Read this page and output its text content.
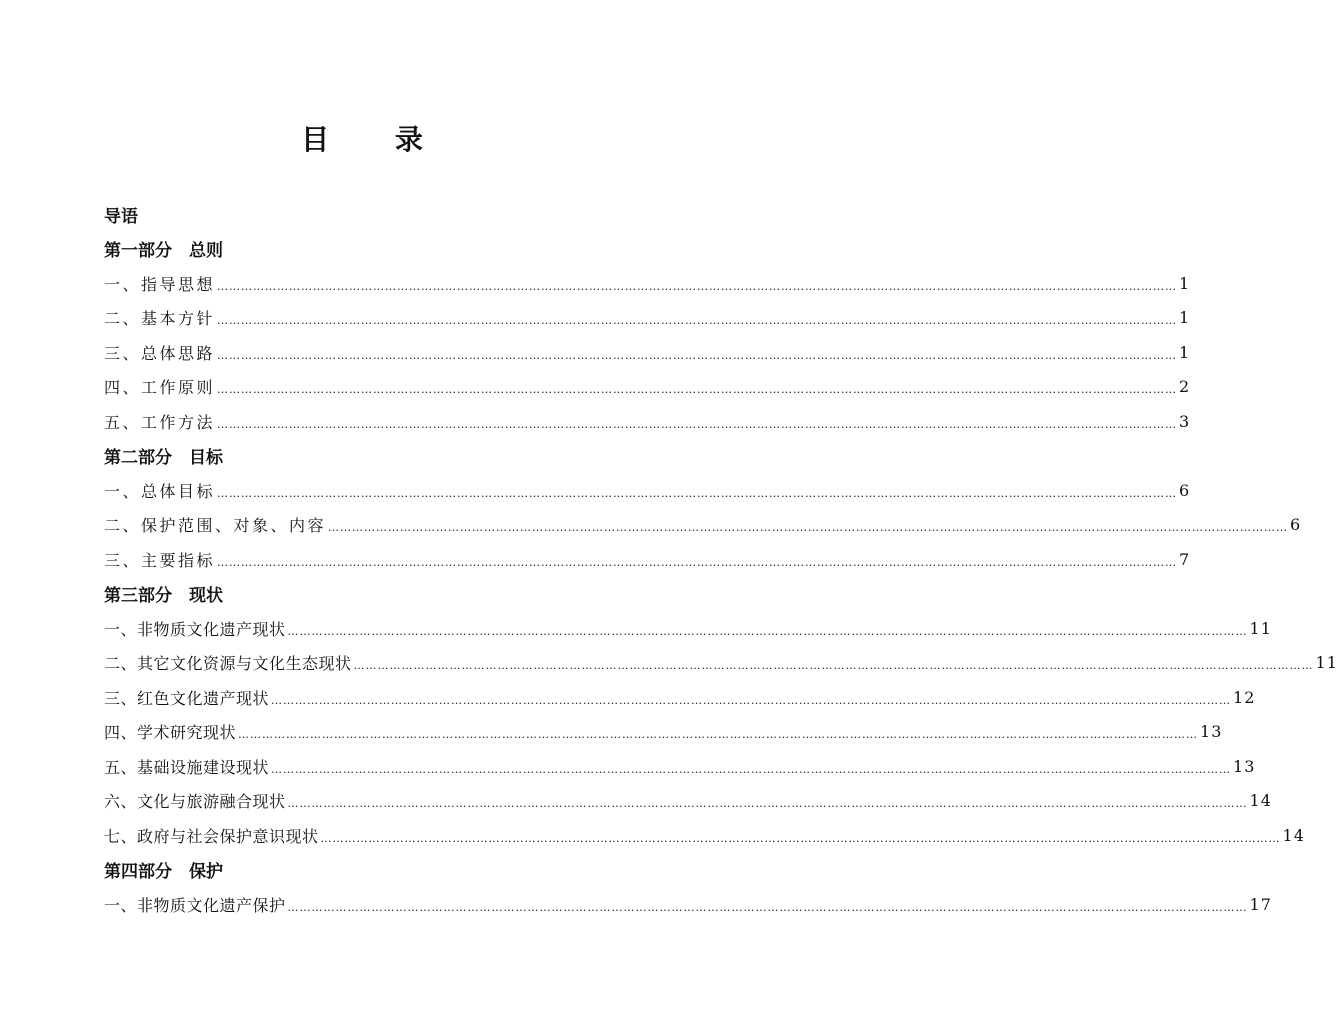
目 录
导语
第一部分　总则
一、指导思想 …………………………………………………………………………………………………………………………………………………………………………………………………………………… 1
二、基本方针 …………………………………………………………………………………………………………………………………………………………………………………………………………………… 1
三、总体思路 …………………………………………………………………………………………………………………………………………………………………………………………………………………… 1
四、工作原则 …………………………………………………………………………………………………………………………………………………………………………………………………………………… 2
五、工作方法 …………………………………………………………………………………………………………………………………………………………………………………………………………………… 3
第二部分　目标
一、总体目标 …………………………………………………………………………………………………………………………………………………………………………………………………………………… 6
二、保护范围、对象、内容 …………………………………………………………………………………………………………………………………………………………………………………………………………………… 6
三、主要指标 …………………………………………………………………………………………………………………………………………………………………………………………………………………… 7
第三部分　现状
一、非物质文化遗产现状 …………………………………………………………………………………………………………………………………………………………………………………………………………………… 11
二、其它文化资源与文化生态现状 …………………………………………………………………………………………………………………………………………………………………………………………………………………… 11
三、红色文化遗产现状 …………………………………………………………………………………………………………………………………………………………………………………………………………………… 12
四、学术研究现状 …………………………………………………………………………………………………………………………………………………………………………………………………………………… 13
五、基础设施建设现状 …………………………………………………………………………………………………………………………………………………………………………………………………………………… 13
六、文化与旅游融合现状 …………………………………………………………………………………………………………………………………………………………………………………………………………………… 14
七、政府与社会保护意识现状 …………………………………………………………………………………………………………………………………………………………………………………………………………………… 14
第四部分　保护
一、非物质文化遗产保护 …………………………………………………………………………………………………………………………………………………………………………………………………………………… 17
